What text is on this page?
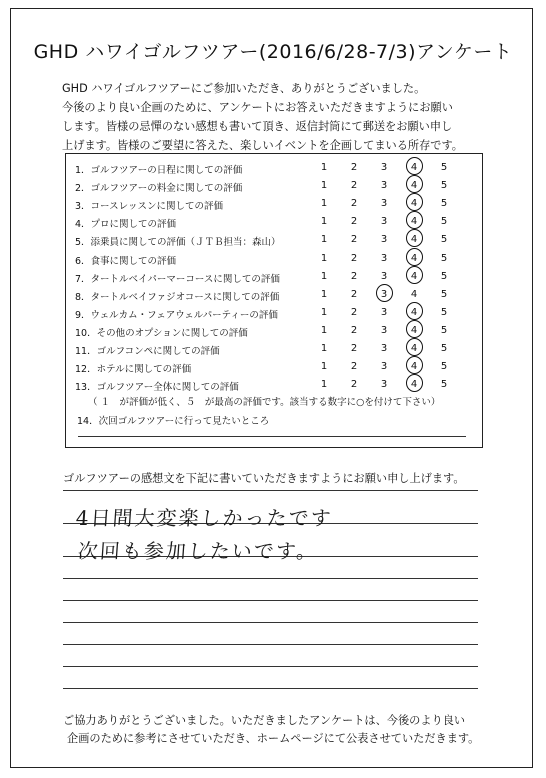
GHD ハワイゴルフツアー(2016/6/28-7/3)アンケート
GHD ハワイゴルフツアーにご参加いただき、ありがとうございました。
今後のより良い企画のために、アンケートにお答えいただきますようにお願い
します。皆様の忌憚のない感想も書いて頂き、返信封筒にて郵送をお願い申し
上げます。皆様のご要望に答えた、楽しいイベントを企画してまいる所存です。
1．ゴルフツアーの日程に関しての評価	1	2	3	4	5
2．ゴルフツアーの料金に関しての評価	1	2	3	4	5
3．コースレッスンに関しての評価	1	2	3	4	5
4．プロに関しての評価	1	2	3	4	5
5．添乗員に関しての評価（ＪＴＢ担当：森山）	1	2	3	4	5
6．食事に関しての評価	1	2	3	4	5
7．タートルベイパーマーコースに関しての評価	1	2	3	4	5
8．タートルベイファジオコースに関しての評価	1	2	3	4	5
9．ウェルカム・フェアウェルパーティーの評価	1	2	3	4	5
10．その他のオプションに関しての評価	1	2	3	4	5
11．ゴルフコンペに関しての評価	1	2	3	4	5
12．ホテルに関しての評価	1	2	3	4	5
13．ゴルフツアー全体に関しての評価	1	2	3	4	5
（ １　が評価が低く、５　が最高の評価です。該当する数字に○を付けて下さい）
14．次回ゴルフツアーに行って見たいところ
ゴルフツアーの感想文を下記に書いていただきますようにお願い申し上げます。
4日間大変楽しかったです
次回も参加したいです。
ご協力ありがとうございました。いただきましたアンケートは、今後のより良い
企画のために参考にさせていただき、ホームページにて公表させていただきます。
